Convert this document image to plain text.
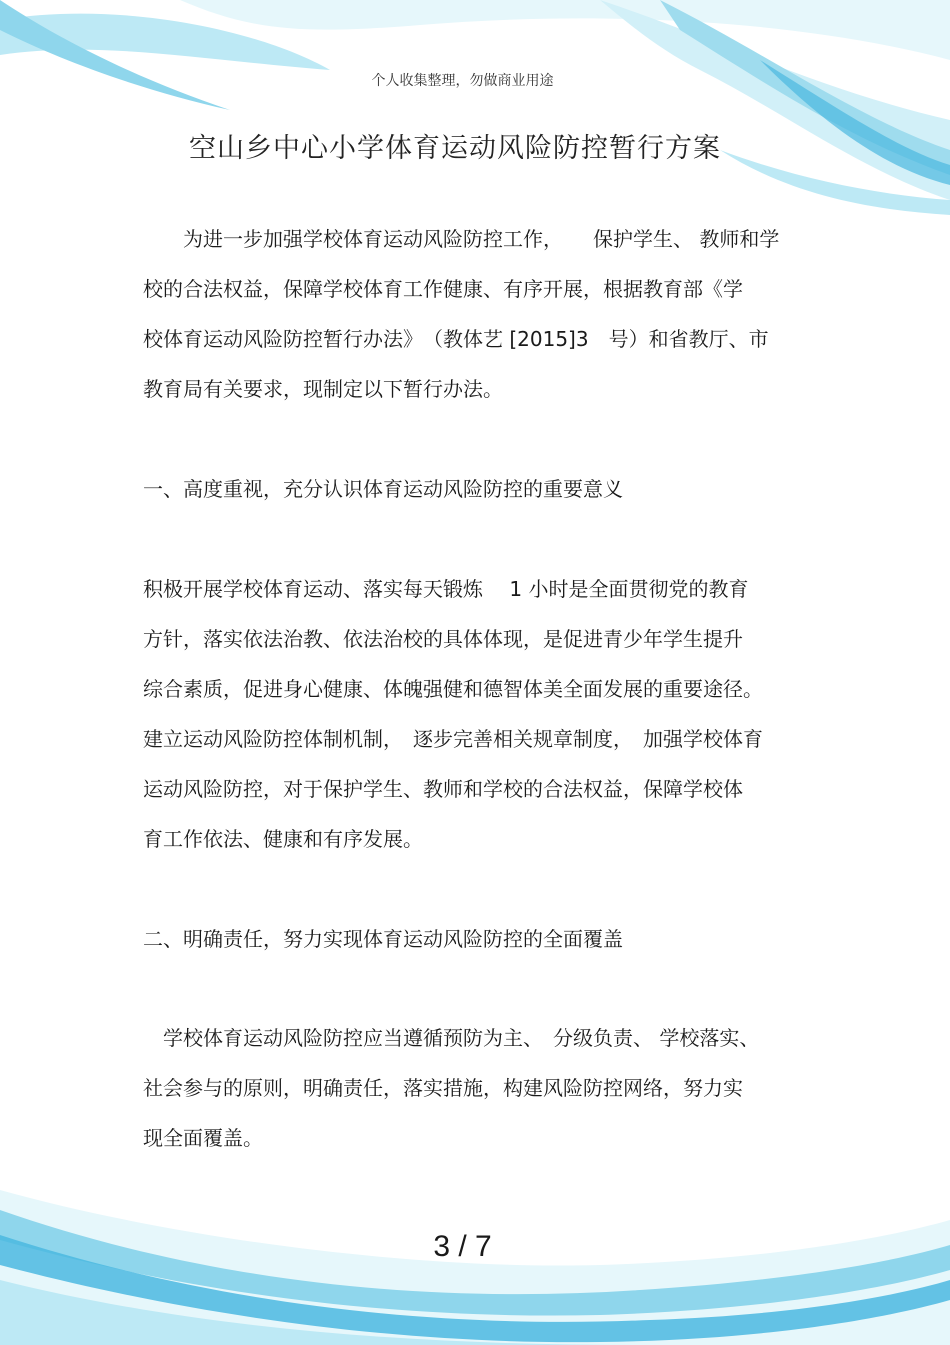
个人收集整理，勿做商业用途
空山乡中心小学体育运动风险防控暂行方案
　　为进一步加强学校体育运动风险防控工作，　　保护学生、 教师和学
校的合法权益，保障学校体育工作健康、有序开展，根据教育部《学
校体育运动风险防控暂行办法》　（教体艺 [2015]3　号）和省教厅、市
教育局有关要求，现制定以下暂行办法。
一、高度重视，充分认识体育运动风险防控的重要意义
积极开展学校体育运动、落实每天锻炼　 1 小时是全面贯彻党的教育
方针，落实依法治教、依法治校的具体体现，是促进青少年学生提升
综合素质，促进身心健康、体魄强健和德智体美全面发展的重要途径。
建立运动风险防控体制机制，　逐步完善相关规章制度，　加强学校体育
运动风险防控，对于保护学生、教师和学校的合法权益，保障学校体
育工作依法、健康和有序发展。
二、明确责任，努力实现体育运动风险防控的全面覆盖
　学校体育运动风险防控应当遵循预防为主、　分级负责、 学校落实、
社会参与的原则，明确责任，落实措施，构建风险防控网络，努力实
现全面覆盖。
3 / 7
